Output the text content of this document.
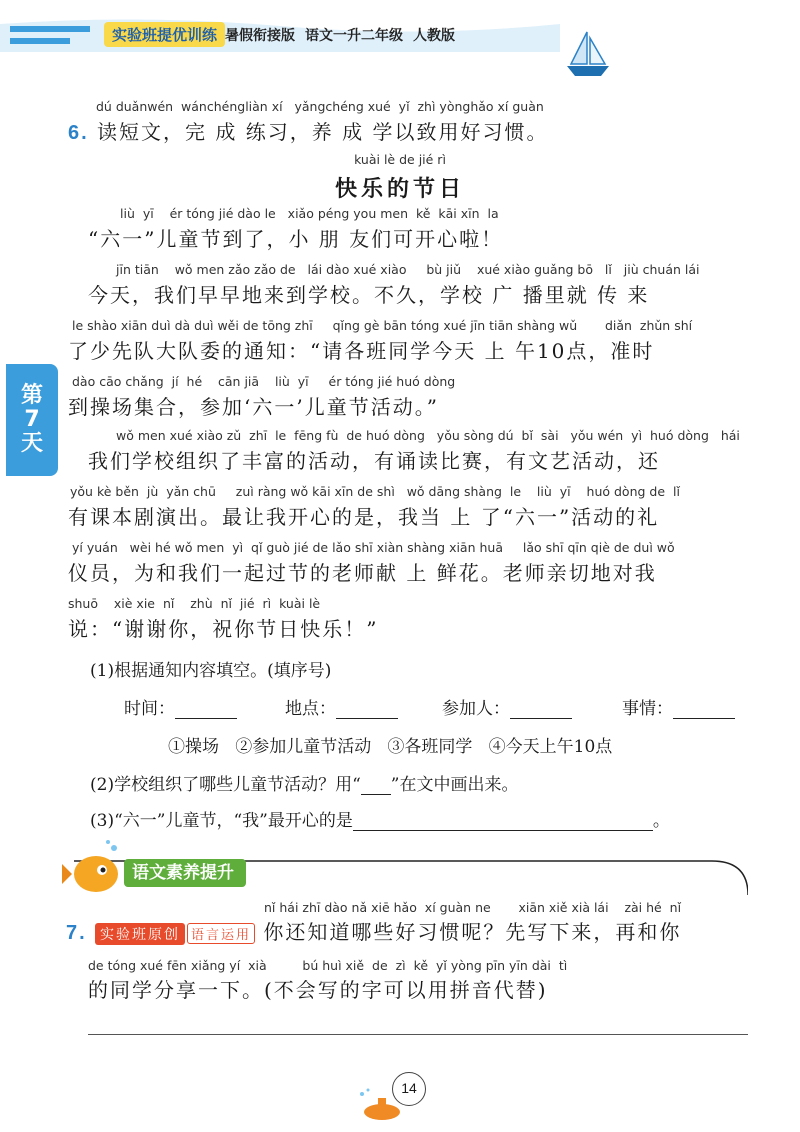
实验班提优训练 暑假衔接版 语文一升二年级 人教版
第
7
天
dú duǎnwén  wánchéngliàn xí   yǎngchéng xué  yǐ  zhì yònghǎo xí guàn
6. 读短文，完 成 练习，养 成 学以致用好习惯。
kuài lè de jié rì
快乐的节日
liù  yī    ér tóng jié dào le   xiǎo péng you men  kě  kāi xīn  la
“六一”儿童节到了，小 朋 友们可开心啦！
jīn tiān    wǒ men zǎo zǎo de   lái dào xué xiào     bù jiǔ    xué xiào guǎng bō   lǐ   jiù chuán lái
今天，我们早早地来到学校。不久，学校 广 播里就 传 来
le shào xiān duì dà duì wěi de tōng zhī     qǐng gè bān tóng xué jīn tiān shàng wǔ       diǎn  zhǔn shí
了少先队大队委的通知：“请各班同学今天 上 午10点，准时
dào cāo chǎng  jí  hé    cān jiā    liù  yī     ér tóng jié huó dòng
到操场集合，参加‘六一’儿童节活动。”
wǒ men xué xiào zǔ  zhī  le  fēng fù  de huó dòng   yǒu sòng dú  bǐ  sài   yǒu wén  yì  huó dòng   hái
我们学校组织了丰富的活动，有诵读比赛，有文艺活动，还
yǒu kè běn  jù  yǎn chū     zuì ràng wǒ kāi xīn de shì   wǒ dāng shàng  le    liù  yī    huó dòng de  lǐ
有课本剧演出。最让我开心的是，我当 上 了“六一”活动的礼
yí yuán   wèi hé wǒ men  yì  qǐ guò jié de lǎo shī xiàn shàng xiān huā     lǎo shī qīn qiè de duì wǒ
仪员，为和我们一起过节的老师献 上 鲜花。老师亲切地对我
shuō    xiè xie  nǐ    zhù  nǐ  jié  rì  kuài lè
说：“谢谢你，祝你节日快乐！”
(1)根据通知内容填空。(填序号)
时间：	地点：	参加人：	事情：
①操场   ②参加儿童节活动   ③各班同学   ④今天上午10点
(2)学校组织了哪些儿童节活动？用“ ”在文中画出来。
(3)“六一”儿童节，“我”最开心的是	。
语文素养提升
nǐ hái zhī dào nǎ xiē hǎo  xí guàn ne       xiān xiě xià lái    zài hé  nǐ
7. 实验班原创 语言运用 你还知道哪些好习惯呢？先写下来，再和你
de tóng xué fēn xiǎng yí  xià         bú huì xiě  de  zì  kě  yǐ yòng pīn yīn dài  tì
的同学分享一下。(不会写的字可以用拼音代替)
14
